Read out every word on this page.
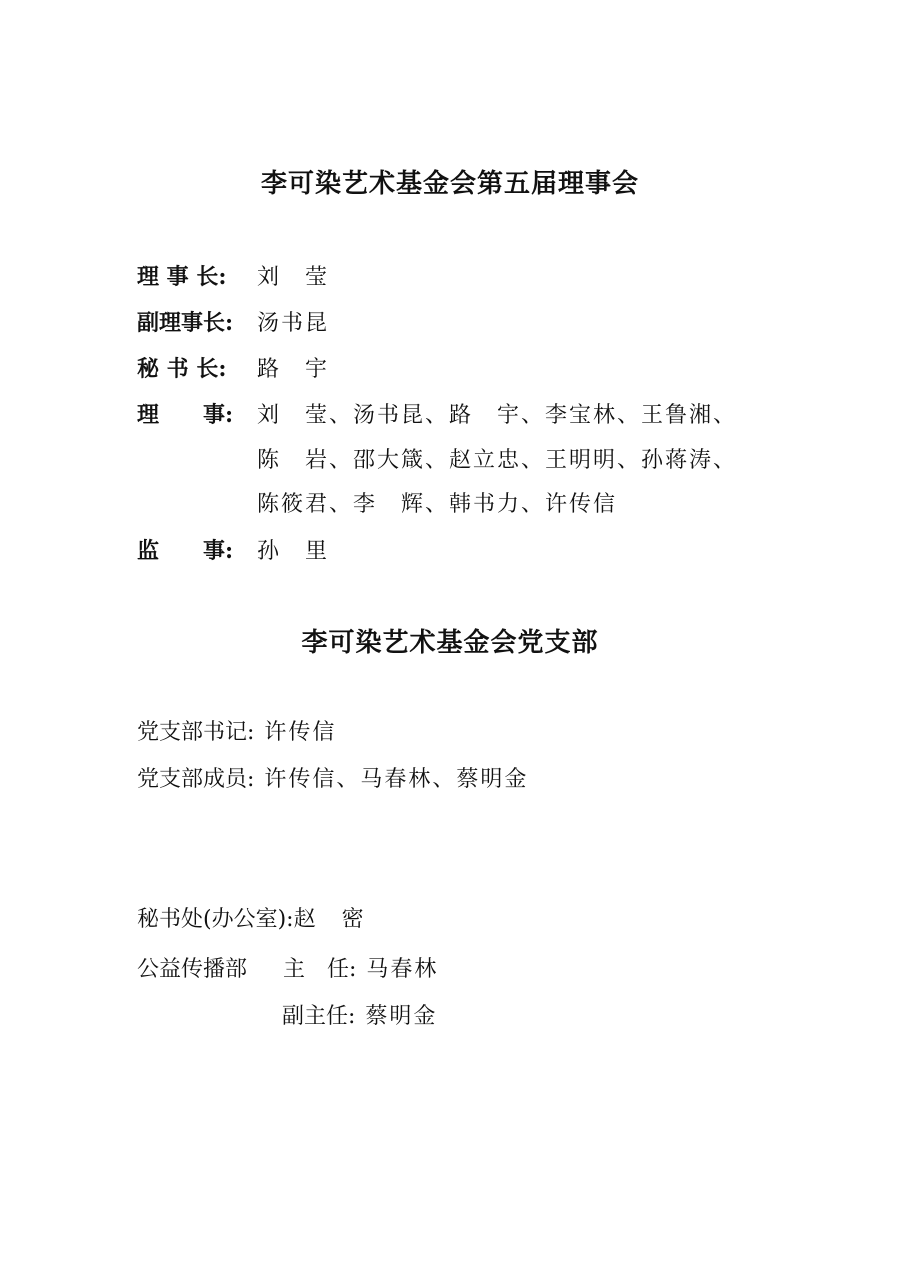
李可染艺术基金会第五届理事会
理 事 长: 刘　莹
副理事长: 汤书昆
秘 书 长: 路　宇
理　　事: 刘　莹、汤书昆、路　宇、李宝林、王鲁湘、
陈　岩、邵大箴、赵立忠、王明明、孙蒋涛、
陈筱君、李　辉、韩书力、许传信
监　　事: 孙　里
李可染艺术基金会党支部
党支部书记: 许传信
党支部成员: 许传信、马春林、蔡明金
秘书处(办公室):赵　密
公益传播部 主　任: 马春林
副主任: 蔡明金
